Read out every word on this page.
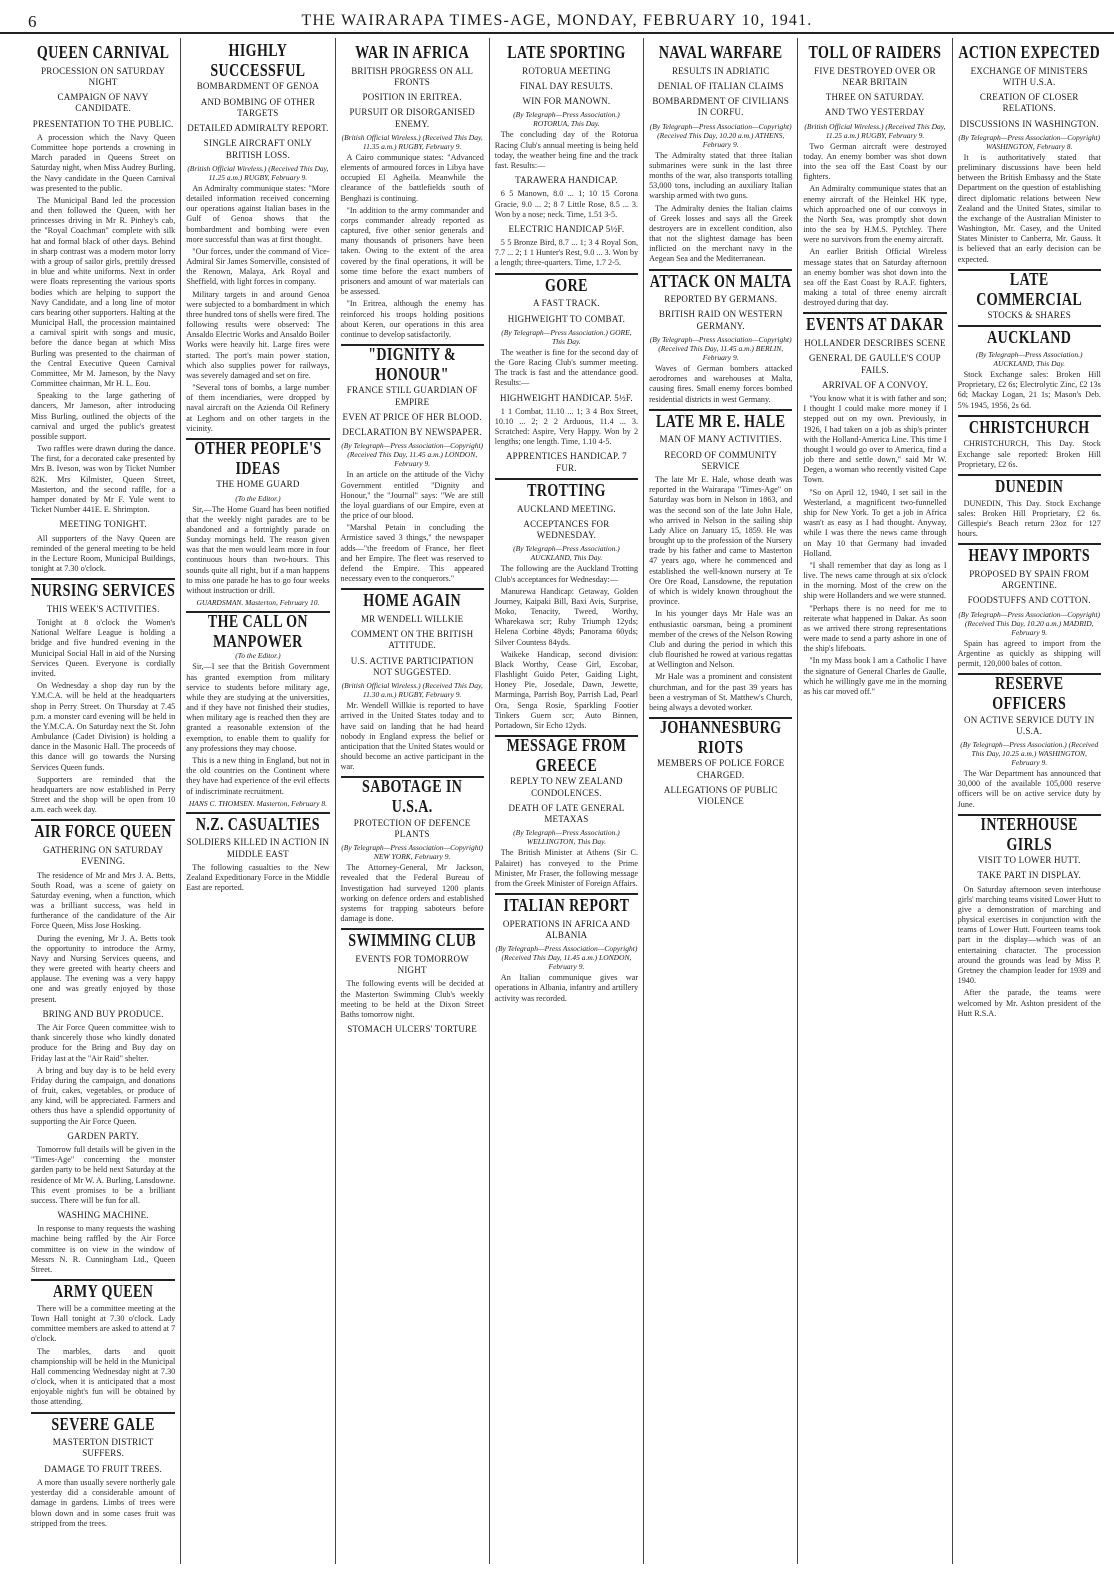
6	THE WAIRARAPA TIMES-AGE, MONDAY, FEBRUARY 10, 1941.
QUEEN CARNIVAL
PROCESSION ON SATURDAY NIGHT
CAMPAIGN OF NAVY CANDIDATE.
PRESENTATION TO THE PUBLIC.

A procession which the Navy Queen Committee hope portends a crowning in March paraded in Queens Street on Saturday night, when Miss Audrey Burling, the Navy candidate in the Queen Carnival was presented to the public.

The Municipal Band led the procession and then followed the Queen, with her princesses driving in Mr R. Pinhey's cab, the "Royal Coachman" complete with silk hat and formal black of other days. Behind in sharp contrast was a modern motor lorry with a group of sailor girls, prettily dressed in blue and white uniforms. Next in order were floats representing the various sports bodies which are helping to support the Navy Candidate, and a long line of motor cars bearing other supporters. Halting at the Municipal Hall, the procession maintained a carnival spirit with songs and music, before the dance began at which Miss Burling was presented to the chairman of the Central Executive Queen Carnival Committee, Mr M. Jameson, by the Navy Committee chairman, Mr H. L. Eou.

Speaking to the large gathering of dancers, Mr Jameson, after introducing Miss Burling, outlined the objects of the carnival and urged the public's greatest possible support.

Two raffles were drawn during the dance. The first, for a decorated cake presented by Mrs B. Iveson, was won by Ticket Number 82K. Mrs Kilmister, Queen Street, Masterton, and the second raffle, for a hamper donated by Mr F. Yule went to Ticket Number 441E. E. Shrimpton.

MEETING TONIGHT.

All supporters of the Navy Queen are reminded of the general meeting to be held in the Lecture Room, Municipal Buildings, tonight at 7.30 o'clock.

NURSING SERVICES
THIS WEEK'S ACTIVITIES.

Tonight at 8 o'clock the Women's National Welfare League is holding a bridge and five hundred evening in the Municipal Social Hall in aid of the Nursing Services Queen. Everyone is cordially invited.

On Wednesday a shop day run by the Y.M.C.A. will be held at the headquarters shop in Perry Street. On Thursday at 7.45 p.m. a monster card evening will be held in the Y.M.C.A. On Saturday next the St. John Ambulance (Cadet Division) is holding a dance in the Masonic Hall. The proceeds of this dance will go towards the Nursing Services Queen funds.

Supporters are reminded that the headquarters are now established in Perry Street and the shop will be open from 10 a.m. each week day.

AIR FORCE QUEEN
GATHERING ON SATURDAY EVENING.

The residence of Mr and Mrs J. A. Betts, South Road, was a scene of gaiety on Saturday evening, when a function, which was a brilliant success, was held in furtherance of the candidature of the Air Force Queen, Miss Jose Hosking.

During the evening, Mr J. A. Betts took the opportunity to introduce the Army, Navy and Nursing Services queens, and they were greeted with hearty cheers and applause. The evening was a very happy one and was greatly enjoyed by those present.

BRING AND BUY PRODUCE.

The Air Force Queen committee wish to thank sincerely those who kindly donated produce for the Bring and Buy day on Friday last at the "Air Raid" shelter.

A bring and buy day is to be held every Friday during the campaign, and donations of fruit, cakes, vegetables, or produce of any kind, will be appreciated. Farmers and others thus have a splendid opportunity of supporting the Air Force Queen.

GARDEN PARTY.

Tomorrow full details will be given in the "Times-Age" concerning the monster garden party to be held next Saturday at the residence of Mr W. A. Burling, Lansdowne. This event promises to be a brilliant success. There will be fun for all.

WASHING MACHINE.

In response to many requests the washing machine being raffled by the Air Force committee is on view in the window of Messrs N. R. Cunningham Ltd., Queen Street.

ARMY QUEEN

There will be a committee meeting at the Town Hall tonight at 7.30 o'clock. Lady committee members are asked to attend at 7 o'clock.

The marbles, darts and quoit championship will be held in the Municipal Hall commencing Wednesday night at 7.30 o'clock, when it is anticipated that a most enjoyable night's fun will be obtained by those attending.

SEVERE GALE
MASTERTON DISTRICT SUFFERS.
DAMAGE TO FRUIT TREES.

A more than usually severe northerly gale yesterday did a considerable amount of damage in gardens. Limbs of trees were blown down and in some cases fruit was stripped from the trees.

HIGHLY SUCCESSFUL
BOMBARDMENT OF GENOA
AND BOMBING OF OTHER TARGETS
DETAILED ADMIRALTY REPORT.
SINGLE AIRCRAFT ONLY BRITISH LOSS.
(British Official Wireless.) (Received This Day, 11.25 a.m.) RUGBY, February 9.

An Admiralty communique states: "More detailed information received concerning our operations against Italian bases in the Gulf of Genoa shows that the bombardment and bombing were even more successful than was at first thought.

"Our forces, under the command of Vice-Admiral Sir James Somerville, consisted of the Renown, Malaya, Ark Royal and Sheffield, with light forces in company.

Military targets in and around Genoa were subjected to a bombardment in which three hundred tons of shells were fired. The following results were observed: The Ansaldo Electric Works and Ansaldo Boiler Works were heavily hit. Large fires were started. The port's main power station, which also supplies power for railways, was severely damaged and set on fire.

"Several tons of bombs, a large number of them incendiaries, were dropped by naval aircraft on the Azienda Oil Refinery at Leghorn and on other targets in the vicinity.

OTHER PEOPLE'S IDEAS
THE HOME GUARD
(To the Editor.)

Sir,—The Home Guard has been notified that the weekly night parades are to be abandoned and a fortnightly parade on Sunday mornings held. The reason given was that the men would learn more in four continuous hours than two-hours. This sounds quite all right, but if a man happens to miss one parade he has to go four weeks without instruction or drill.

GUARDSMAN. Masterton, February 10.
THE CALL ON MANPOWER
(To the Editor.)

Sir,—I see that the British Government has granted exemption from military service to students before military age, while they are studying at the universities, and if they have not finished their studies, when military age is reached then they are granted a reasonable extension of the exemption, to enable them to qualify for any professions they may choose.

This is a new thing in England, but not in the old countries on the Continent where they have had experience of the evil effects of indiscriminate recruitment.

HANS C. THOMSEN. Masterton, February 8.
N.Z. CASUALTIES
SOLDIERS KILLED IN ACTION IN MIDDLE EAST

The following casualties to the New Zealand Expeditionary Force in the Middle East are reported.

WAR IN AFRICA
BRITISH PROGRESS ON ALL FRONTS
POSITION IN ERITREA.
PURSUIT OR DISORGANISED ENEMY.
(British Official Wireless.) (Received This Day, 11.35 a.m.) RUGBY, February 9.

A Cairo communique states: "Advanced elements of armoured forces in Libya have occupied El Agheila. Meanwhile the clearance of the battlefields south of Benghazi is continuing.

"In addition to the army commander and corps commander already reported as captured, five other senior generals and many thousands of prisoners have been taken. Owing to the extent of the area covered by the final operations, it will be some time before the exact numbers of prisoners and amount of war materials can be assessed.

"In Eritrea, although the enemy has reinforced his troops holding positions about Keren, our operations in this area continue to develop satisfactorily.

"DIGNITY & HONOUR"
FRANCE STILL GUARDIAN OF EMPIRE
EVEN AT PRICE OF HER BLOOD.
DECLARATION BY NEWSPAPER.
(By Telegraph—Press Association—Copyright) (Received This Day, 11.45 a.m.) LONDON, February 9.

In an article on the attitude of the Vichy Government entitled "Dignity and Honour," the "Journal" says: "We are still the loyal guardians of our Empire, even at the price of our blood.

"Marshal Petain in concluding the Armistice saved 3 things," the newspaper adds—"the freedom of France, her fleet and her Empire. The fleet was reserved to defend the Empire. This appeared necessary even to the conquerors."

HOME AGAIN
MR WENDELL WILLKIE
COMMENT ON THE BRITISH ATTITUDE.
U.S. ACTIVE PARTICIPATION NOT SUGGESTED.
(British Official Wireless.) (Received This Day, 11.30 a.m.) RUGBY, February 9.

Mr. Wendell Willkie is reported to have arrived in the United States today and to have said on landing that he had heard nobody in England express the belief or anticipation that the United States would or should become an active participant in the war.

SABOTAGE IN U.S.A.
PROTECTION OF DEFENCE PLANTS
(By Telegraph—Press Association—Copyright) NEW YORK, February 9.

The Attorney-General, Mr Jackson, revealed that the Federal Bureau of Investigation had surveyed 1200 plants working on defence orders and established systems for trapping saboteurs before damage is done.

SWIMMING CLUB
EVENTS FOR TOMORROW NIGHT

The following events will be decided at the Masterton Swimming Club's weekly meeting to be held at the Dixon Street Baths tomorrow night.

STOMACH ULCERS' TORTURE
LATE SPORTING
ROTORUA MEETING
FINAL DAY RESULTS.
WIN FOR MANOWN.
(By Telegraph—Press Association.) ROTORUA, This Day.

The concluding day of the Rotorua Racing Club's annual meeting is being held today, the weather being fine and the track fast. Results:—

TARAWERA HANDICAP.

6 5 Manown, 8.0 ... 1; 10 15 Corona Gracie, 9.0 ... 2; 8 7 Little Rose, 8.5 ... 3. Won by a nose; neck. Time, 1.51 3-5.

ELECTRIC HANDICAP 5½F.

5 5 Bronze Bird, 8.7 ... 1; 3 4 Royal Son, 7.7 ... 2; 1 1 Hunter's Rest, 9.0 ... 3. Won by a length; three-quarters. Time, 1.7 2-5.

GORE
A FAST TRACK.
HIGHWEIGHT TO COMBAT.
(By Telegraph—Press Association.) GORE, This Day.

The weather is fine for the second day of the Gore Racing Club's summer meeting. The track is fast and the attendance good. Results:—

HIGHWEIGHT HANDICAP. 5½F.

1 1 Combat, 11.10 ... 1; 3 4 Box Street, 10.10 ... 2; 2 2 Arduous, 11.4 ... 3. Scratched: Aspire, Very Happy. Won by 2 lengths; one length. Time, 1.10 4-5.

APPRENTICES HANDICAP. 7 FUR.
TROTTING
AUCKLAND MEETING.
ACCEPTANCES FOR WEDNESDAY.
(By Telegraph—Press Association.) AUCKLAND, This Day.

The following are the Auckland Trotting Club's acceptances for Wednesday:—

Manurewa Handicap: Getaway, Golden Journey, Kaipaki Bill, Baxi Avis, Surprise, Moko, Tenacity, Tweed, Worthy, Wharekawa scr; Ruby Triumph 12yds; Helena Corbine 48yds; Panorama 60yds; Silver Countess 84yds.

Waikeke Handicap, second division: Black Worthy, Cease Girl, Escobar, Flashlight Guido Peter, Gaiding Light, Honey Pie, Josedale, Dawn, Jewette, Marminga, Parrish Boy, Parrish Lad, Pearl Ora, Senga Rosie, Sparkling Footier Tinkers Guern scr; Auto Binnen, Portadown, Sir Echo 12yds.

MESSAGE FROM GREECE
REPLY TO NEW ZEALAND CONDOLENCES.
DEATH OF LATE GENERAL METAXAS
(By Telegraph—Press Association.) WELLINGTON, This Day.

The British Minister at Athens (Sir C. Palairet) has conveyed to the Prime Minister, Mr Fraser, the following message from the Greek Minister of Foreign Affairs.

ITALIAN REPORT
OPERATIONS IN AFRICA AND ALBANIA
(By Telegraph—Press Association—Copyright) (Received This Day, 11.45 a.m.) LONDON, February 9.

An Italian communique gives war operations in Albania, infantry and artillery activity was recorded.

NAVAL WARFARE
RESULTS IN ADRIATIC
DENIAL OF ITALIAN CLAIMS
BOMBARDMENT OF CIVILIANS IN CORFU.
(By Telegraph—Press Association—Copyright) (Received This Day, 10.20 a.m.) ATHENS, February 9.

The Admiralty stated that three Italian submarines were sunk in the last three months of the war, also transports totalling 53,000 tons, including an auxiliary Italian warship armed with two guns.

The Admiralty denies the Italian claims of Greek losses and says all the Greek destroyers are in excellent condition, also that not the slightest damage has been inflicted on the merchant navy in the Aegean Sea and the Mediterranean.

ATTACK ON MALTA
REPORTED BY GERMANS.
BRITISH RAID ON WESTERN GERMANY.
(By Telegraph—Press Association—Copyright) (Received This Day, 11.45 a.m.) BERLIN, February 9.

Waves of German bombers attacked aerodromes and warehouses at Malta, causing fires. Small enemy forces bombed residential districts in west Germany.

LATE MR E. HALE
MAN OF MANY ACTIVITIES.
RECORD OF COMMUNITY SERVICE

The late Mr E. Hale, whose death was reported in the Wairarapa "Times-Age" on Saturday was born in Nelson in 1863, and was the second son of the late John Hale, who arrived in Nelson in the sailing ship Lady Alice on January 15, 1859. He was brought up to the profession of the Nursery trade by his father and came to Masterton 47 years ago, where he commenced and established the well-known nursery at Te Ore Ore Road, Lansdowne, the reputation of which is widely known throughout the province.

In his younger days Mr Hale was an enthusiastic oarsman, being a prominent member of the crews of the Nelson Rowing Club and during the period in which this club flourished he rowed at various regattas at Wellington and Nelson.

Mr Hale was a prominent and consistent churchman, and for the past 39 years has been a vestryman of St. Matthew's Church, being always a devoted worker.

JOHANNESBURG RIOTS
MEMBERS OF POLICE FORCE CHARGED.
ALLEGATIONS OF PUBLIC VIOLENCE
TOLL OF RAIDERS
FIVE DESTROYED OVER OR NEAR BRITAIN
THREE ON SATURDAY.
AND TWO YESTERDAY
(British Official Wireless.) (Received This Day, 11.25 a.m.) RUGBY, February 9.

Two German aircraft were destroyed today. An enemy bomber was shot down into the sea off the East Coast by our fighters.

An Admiralty communique states that an enemy aircraft of the Heinkel HK type, which approached one of our convoys in the North Sea, was promptly shot down into the sea by H.M.S. Pytchley. There were no survivors from the enemy aircraft.

An earlier British Official Wireless message states that on Saturday afternoon an enemy bomber was shot down into the sea off the East Coast by R.A.F. fighters, making a total of three enemy aircraft destroyed during that day.

EVENTS AT DAKAR
HOLLANDER DESCRIBES SCENE
GENERAL DE GAULLE'S COUP FAILS.
ARRIVAL OF A CONVOY.

"You know what it is with father and son; I thought I could make more money if I stepped out on my own. Previously, in 1926, I had taken on a job as ship's printer with the Holland-America Line. This time I thought I would go over to America, find a job there and settle down," said Mr W. Degen, a woman who recently visited Cape Town.

"So on April 12, 1940, I set sail in the Westerland, a magnificent two-funnelled ship for New York. To get a job in Africa wasn't as easy as I had thought. Anyway, while I was there the news came through on May 10 that Germany had invaded Holland.

"I shall remember that day as long as I live. The news came through at six o'clock in the morning. Most of the crew on the ship were Hollanders and we were stunned.

"Perhaps there is no need for me to reiterate what happened in Dakar. As soon as we arrived there strong representations were made to send a party ashore in one of the ship's lifeboats.

"In my Mass book I am a Catholic I have the signature of General Charles de Gaulle, which he willingly gave me in the morning as his car moved off."

ACTION EXPECTED
EXCHANGE OF MINISTERS WITH U.S.A.
CREATION OF CLOSER RELATIONS.
DISCUSSIONS IN WASHINGTON.
(By Telegraph—Press Association—Copyright) WASHINGTON, February 8.

It is authoritatively stated that preliminary discussions have been held between the British Embassy and the State Department on the question of establishing direct diplomatic relations between New Zealand and the United States, similar to the exchange of the Australian Minister to Washington, Mr. Casey, and the United States Minister to Canberra, Mr. Gauss. It is believed that an early decision can be expected.

LATE COMMERCIAL
STOCKS & SHARES
AUCKLAND
(By Telegraph—Press Association.) AUCKLAND, This Day.

Stock Exchange sales: Broken Hill Proprietary, £2 6s; Electrolytic Zinc, £2 13s 6d; Mackay Logan, 21 1s; Mason's Deb. 5% 1945, 1956, 2s 6d.

CHRISTCHURCH

CHRISTCHURCH, This Day. Stock Exchange sale reported: Broken Hill Proprietary, £2 6s.

DUNEDIN

DUNEDIN, This Day. Stock Exchange sales: Broken Hill Proprietary, £2 6s. Gillespie's Beach return 23oz for 127 hours.

HEAVY IMPORTS
PROPOSED BY SPAIN FROM ARGENTINE.
FOODSTUFFS AND COTTON.
(By Telegraph—Press Association—Copyright) (Received This Day, 10.20 a.m.) MADRID, February 9.

Spain has agreed to import from the Argentine as quickly as shipping will permit, 120,000 bales of cotton.

RESERVE OFFICERS
ON ACTIVE SERVICE DUTY IN U.S.A.
(By Telegraph—Press Association.) (Received This Day, 10.25 a.m.) WASHINGTON, February 9.

The War Department has announced that 30,000 of the available 105,000 reserve officers will be on active service duty by June.

INTERHOUSE GIRLS
VISIT TO LOWER HUTT.
TAKE PART IN DISPLAY.

On Saturday afternoon seven interhouse girls' marching teams visited Lower Hutt to give a demonstration of marching and physical exercises in conjunction with the teams of Lower Hutt. Fourteen teams took part in the display—which was of an entertaining character. The procession around the grounds was lead by Miss P. Gretney the champion leader for 1939 and 1940.

After the parade, the teams were welcomed by Mr. Ashton president of the Hutt R.S.A.
